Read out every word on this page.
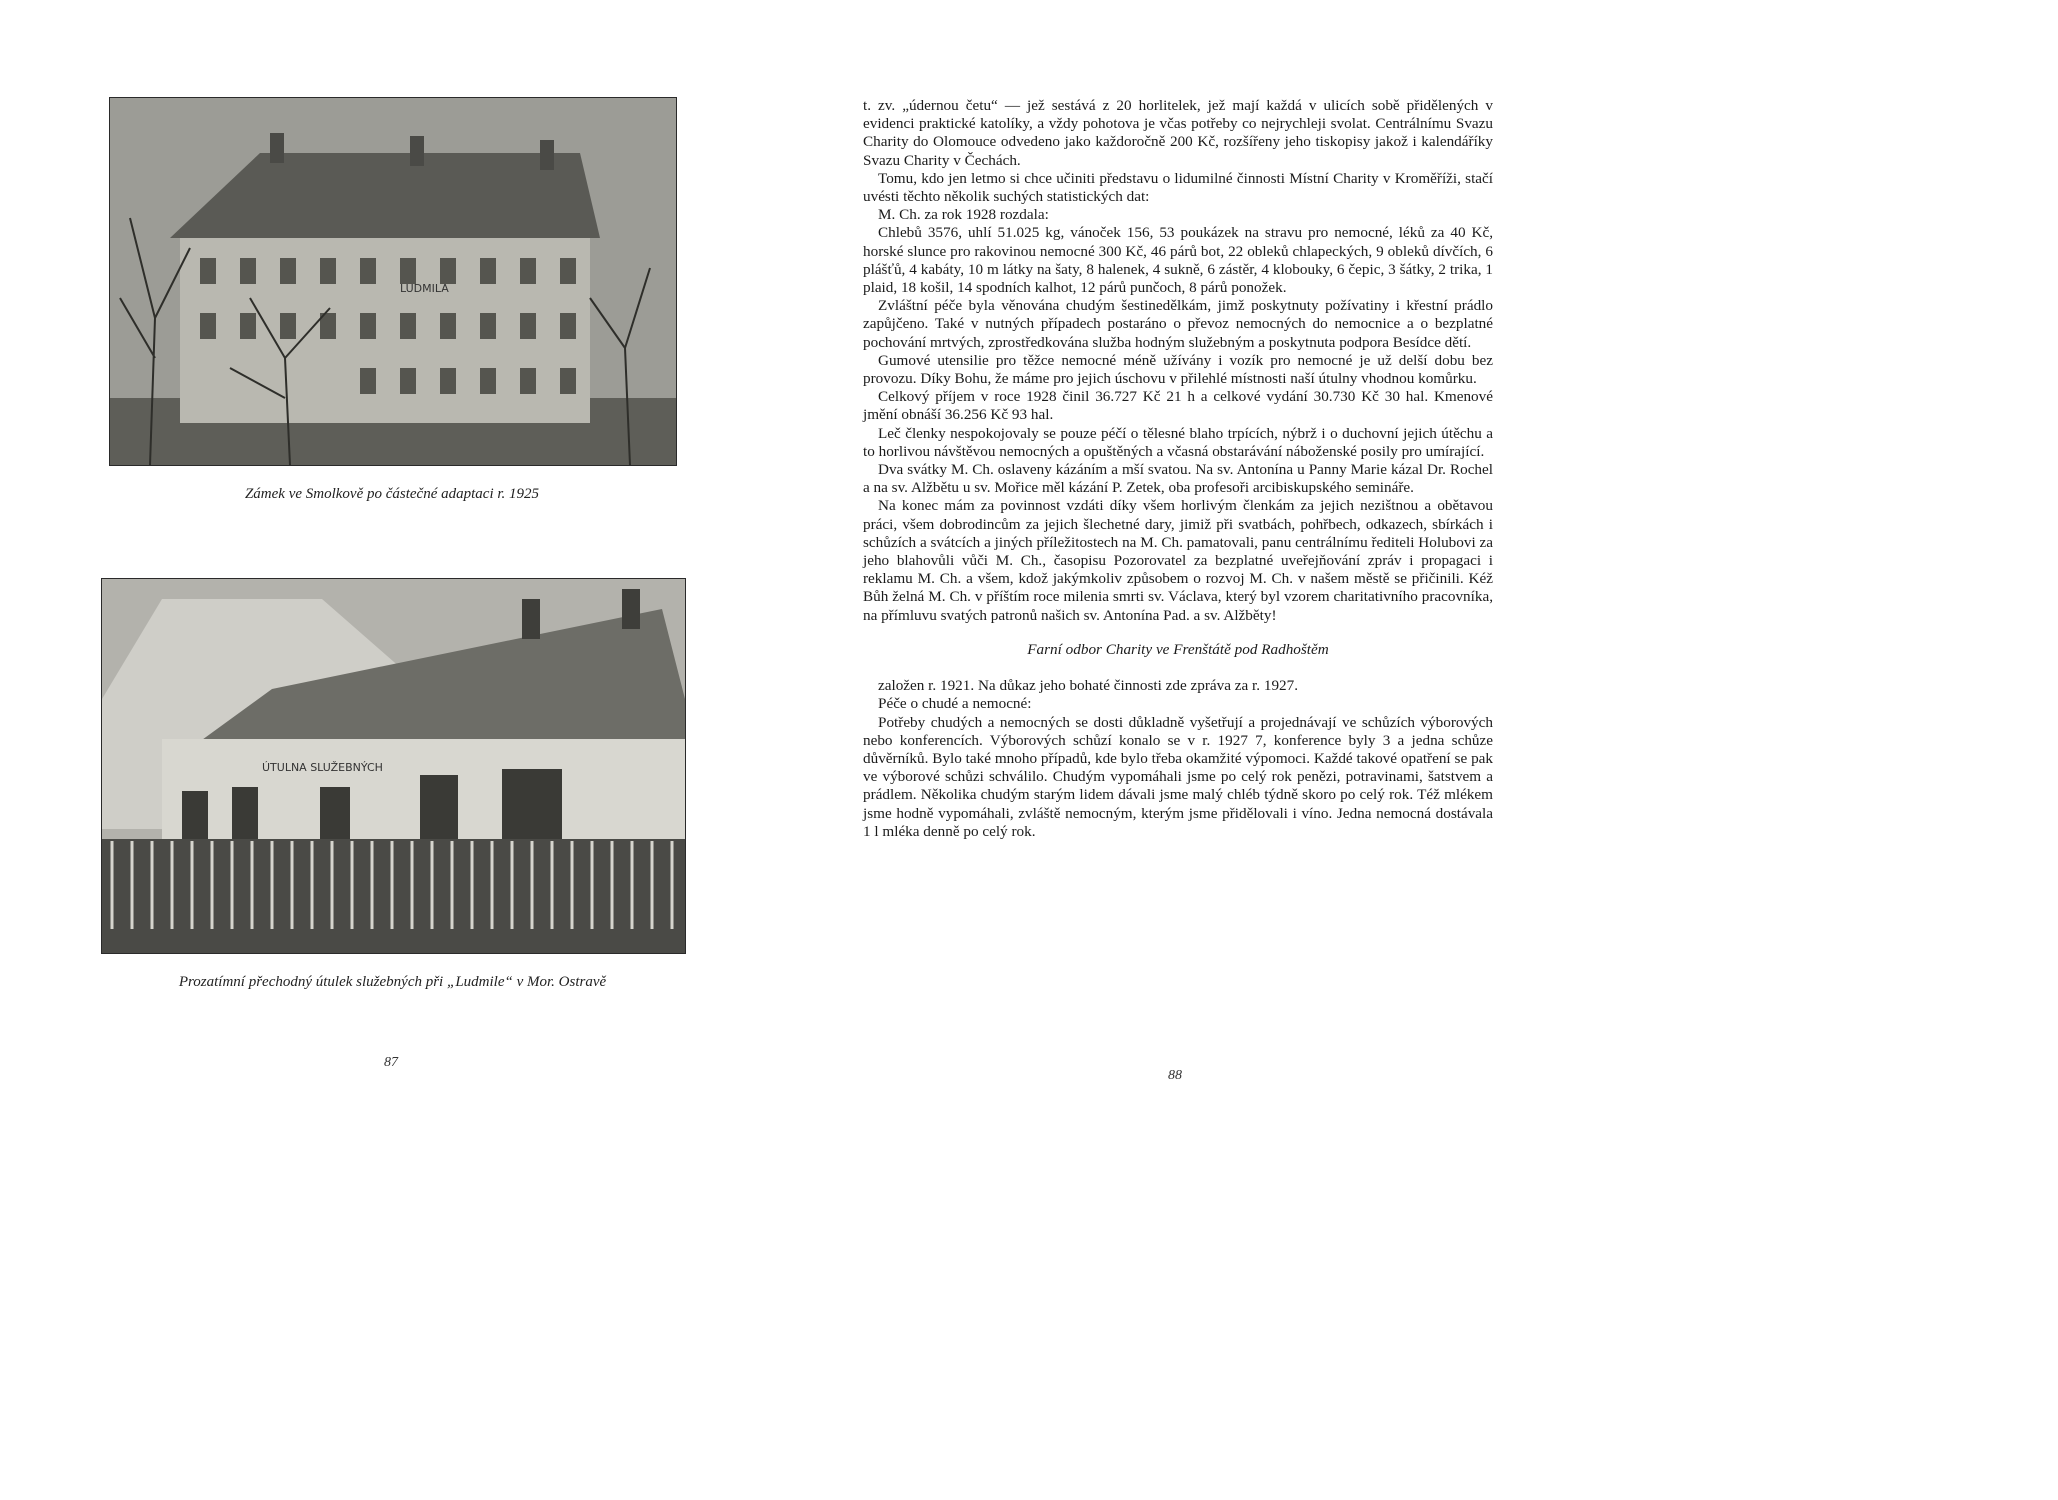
LUDMILA
Zámek ve Smolkově po částečné adaptaci r. 1925
ÚTULNA SLUŽEBNÝCH
Prozatímní přechodný útulek služebných při „Ludmile“ v Mor. Ostravě
87

t. zv. „údernou četu“ — jež sestává z 20 horlitelek, jež mají každá v ulicích sobě přidělených v evidenci praktické katolíky, a vždy pohotova je včas potřeby co nejrychleji svolat. Centrálnímu Svazu Charity do Olomouce odvedeno jako každoročně 200 Kč, rozšířeny jeho tiskopisy jakož i kalendáříky Svazu Charity v Čechách.

Tomu, kdo jen letmo si chce učiniti představu o lidumilné činnosti Místní Charity v Kroměříži, stačí uvésti těchto několik suchých statistických dat:

M. Ch. za rok 1928 rozdala:

Chlebů 3576, uhlí 51.025 kg, vánoček 156, 53 poukázek na stravu pro nemocné, léků za 40 Kč, horské slunce pro rakovinou nemocné 300 Kč, 46 párů bot, 22 obleků chlapeckých, 9 obleků dívčích, 6 plášťů, 4 kabáty, 10 m látky na šaty, 8 halenek, 4 sukně, 6 zástěr, 4 klobouky, 6 čepic, 3 šátky, 2 trika, 1 plaid, 18 košil, 14 spodních kalhot, 12 párů punčoch, 8 párů ponožek.

Zvláštní péče byla věnována chudým šestinedělkám, jimž poskytnuty požívatiny i křestní prádlo zapůjčeno. Také v nutných případech postaráno o převoz nemocných do nemocnice a o bezplatné pochování mrtvých, zprostředkována služba hodným služebným a poskytnuta podpora Besídce dětí.

Gumové utensilie pro těžce nemocné méně užívány i vozík pro nemocné je už delší dobu bez provozu. Díky Bohu, že máme pro jejich úschovu v přilehlé místnosti naší útulny vhodnou komůrku.

Celkový příjem v roce 1928 činil 36.727 Kč 21 h a celkové vydání 30.730 Kč 30 hal. Kmenové jmění obnáší 36.256 Kč 93 hal.

Leč členky nespokojovaly se pouze péčí o tělesné blaho trpících, nýbrž i o duchovní jejich útěchu a to horlivou návštěvou nemocných a opuštěných a včasná obstarávání náboženské posily pro umírající.

Dva svátky M. Ch. oslaveny kázáním a mší svatou. Na sv. Antonína u Panny Marie kázal Dr. Rochel a na sv. Alžbětu u sv. Mořice měl kázání P. Zetek, oba profesoři arcibiskupského semináře.

Na konec mám za povinnost vzdáti díky všem horlivým členkám za jejich nezištnou a obětavou práci, všem dobrodincům za jejich šlechetné dary, jimiž při svatbách, pohřbech, odkazech, sbírkách i schůzích a svátcích a jiných příležitostech na M. Ch. pamatovali, panu centrálnímu řediteli Holubovi za jeho blahovůli vůči M. Ch., časopisu Pozorovatel za bezplatné uveřejňování zpráv i propagaci i reklamu M. Ch. a všem, kdož jakýmkoliv způsobem o rozvoj M. Ch. v našem městě se přičinili. Kéž Bůh želná M. Ch. v příštím roce milenia smrti sv. Václava, který byl vzorem charitativního pracovníka, na přímluvu svatých patronů našich sv. Antonína Pad. a sv. Alžběty!

Farní odbor Charity ve Frenštátě pod Radhoštěm

založen r. 1921. Na důkaz jeho bohaté činnosti zde zpráva za r. 1927.

Péče o chudé a nemocné:

Potřeby chudých a nemocných se dosti důkladně vyšetřují a projednávají ve schůzích výborových nebo konferencích. Výborových schůzí konalo se v r. 1927 7, konference byly 3 a jedna schůze důvěrníků. Bylo také mnoho případů, kde bylo třeba okamžité výpomoci. Každé takové opatření se pak ve výborové schůzi schválilo. Chudým vypomáhali jsme po celý rok penězi, potravinami, šatstvem a prádlem. Několika chudým starým lidem dávali jsme malý chléb týdně skoro po celý rok. Též mlékem jsme hodně vypomáhali, zvláště nemocným, kterým jsme přidělovali i víno. Jedna nemocná dostávala 1 l mléka denně po celý rok.

88
